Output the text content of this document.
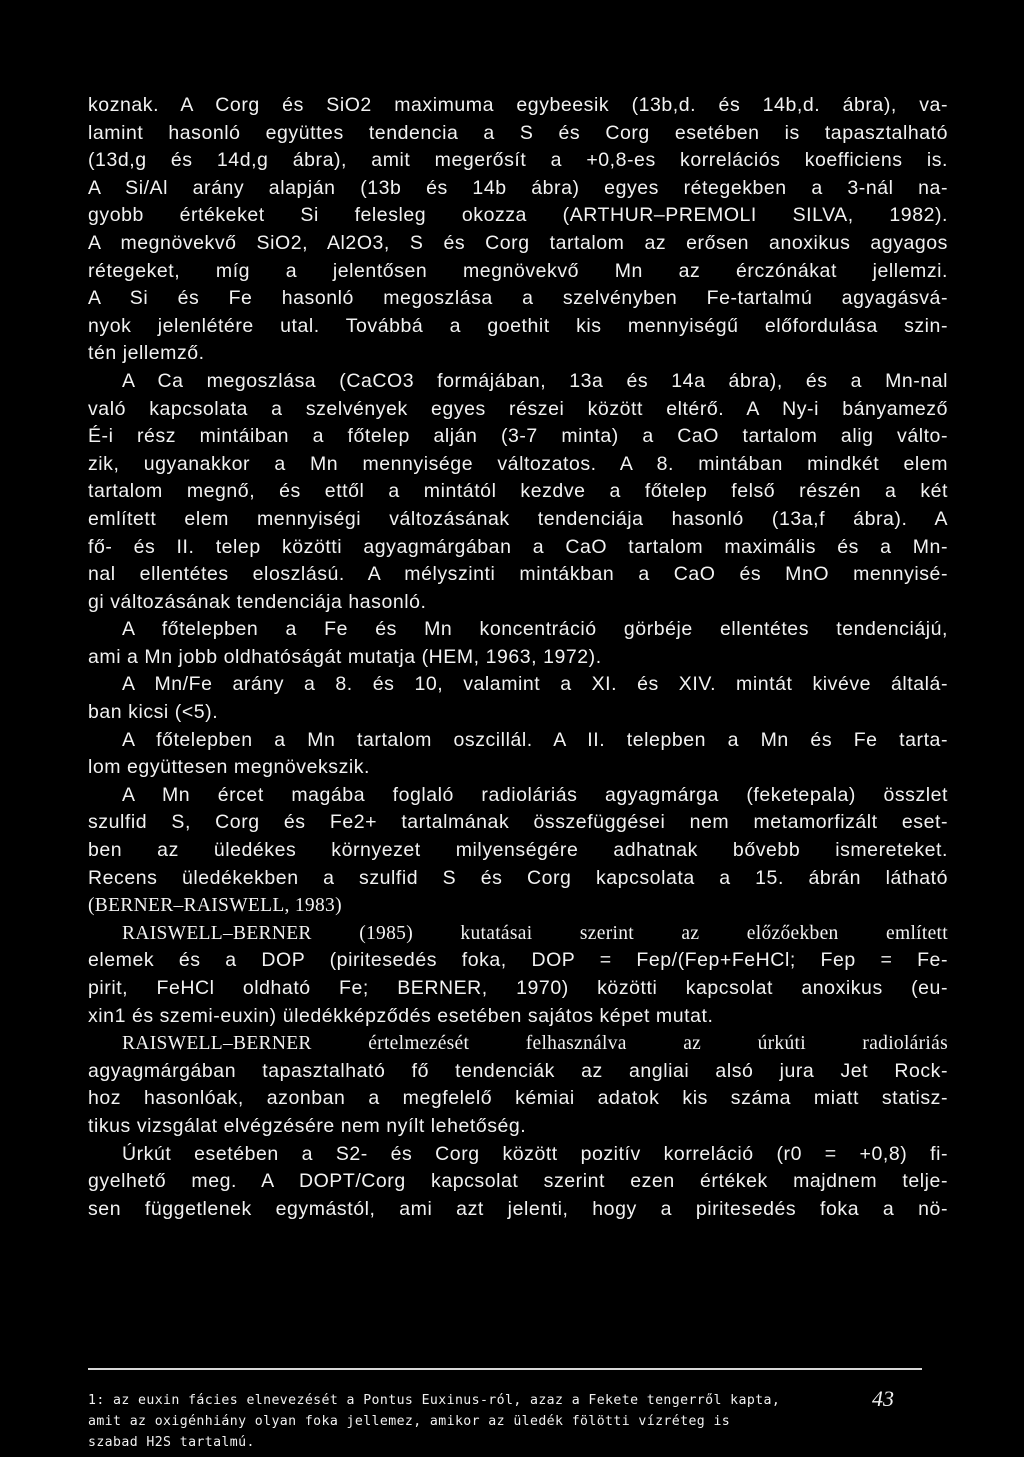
koznak. A Corg és SiO2 maximuma egybeesik (13b,d. és 14b,d. ábra), va-
lamint hasonló együttes tendencia a S és Corg esetében is tapasztalható
(13d,g és 14d,g ábra), amit megerősít a +0,8-es korrelációs koefficiens is.
A Si/Al arány alapján (13b és 14b ábra) egyes rétegekben a 3-nál na-
gyobb értékeket Si felesleg okozza (ARTHUR–PREMOLI SILVA, 1982).
A megnövekvő SiO2, Al2O3, S és Corg tartalom az erősen anoxikus agyagos
rétegeket, míg a jelentősen megnövekvő Mn az érczónákat jellemzi.
A Si és Fe hasonló megoszlása a szelvényben Fe-tartalmú agyagásvá-
nyok jelenlétére utal. Továbbá a goethit kis mennyiségű előfordulása szin-
tén jellemző.
A Ca megoszlása (CaCO3 formájában, 13a és 14a ábra), és a Mn-nal
való kapcsolata a szelvények egyes részei között eltérő. A Ny-i bányamező
É-i rész mintáiban a főtelep alján (3-7 minta) a CaO tartalom alig válto-
zik, ugyanakkor a Mn mennyisége változatos. A 8. mintában mindkét elem
tartalom megnő, és ettől a mintától kezdve a főtelep felső részén a két
említett elem mennyiségi változásának tendenciája hasonló (13a,f ábra). A
fő- és II. telep közötti agyagmárgában a CaO tartalom maximális és a Mn-
nal ellentétes eloszlású. A mélyszinti mintákban a CaO és MnO mennyisé-
gi változásának tendenciája hasonló.
A főtelepben a Fe és Mn koncentráció görbéje ellentétes tendenciájú,
ami a Mn jobb oldhatóságát mutatja (HEM, 1963, 1972).
A Mn/Fe arány a 8. és 10, valamint a XI. és XIV. mintát kivéve általá-
ban kicsi (<5).
A főtelepben a Mn tartalom oszcillál. A II. telepben a Mn és Fe tarta-
lom együttesen megnövekszik.
A Mn ércet magába foglaló radioláriás agyagmárga (feketepala) összlet
szulfid S, Corg és Fe2+ tartalmának összefüggései nem metamorfizált eset-
ben az üledékes környezet milyenségére adhatnak bővebb ismereteket.
Recens üledékekben a szulfid S és Corg kapcsolata a 15. ábrán látható
(BERNER–RAISWELL, 1983)
RAISWELL–BERNER (1985) kutatásai szerint az előzőekben említett
elemek és a DOP (piritesedés foka, DOP = Fep/(Fep+FeHCl; Fep = Fe-
pirit, FeHCl oldható Fe; BERNER, 1970) közötti kapcsolat anoxikus (eu-
xin1 és szemi-euxin) üledékképződés esetében sajátos képet mutat.
RAISWELL–BERNER értelmezését felhasználva az úrkúti radioláriás
agyagmárgában tapasztalható fő tendenciák az angliai alsó jura Jet Rock-
hoz hasonlóak, azonban a megfelelő kémiai adatok kis száma miatt statisz-
tikus vizsgálat elvégzésére nem nyílt lehetőség.
Úrkút esetében a S2- és Corg között pozitív korreláció (r0 = +0,8) fi-
gyelhető meg. A DOPT/Corg kapcsolat szerint ezen értékek majdnem telje-
sen függetlenek egymástól, ami azt jelenti, hogy a piritesedés foka a nö-
1: az euxin fácies elnevezését a Pontus Euxinus-ról, azaz a Fekete tengerről kapta,
amit az oxigénhiány olyan foka jellemez, amikor az üledék fölötti vízréteg is
szabad H2S tartalmú.
43
